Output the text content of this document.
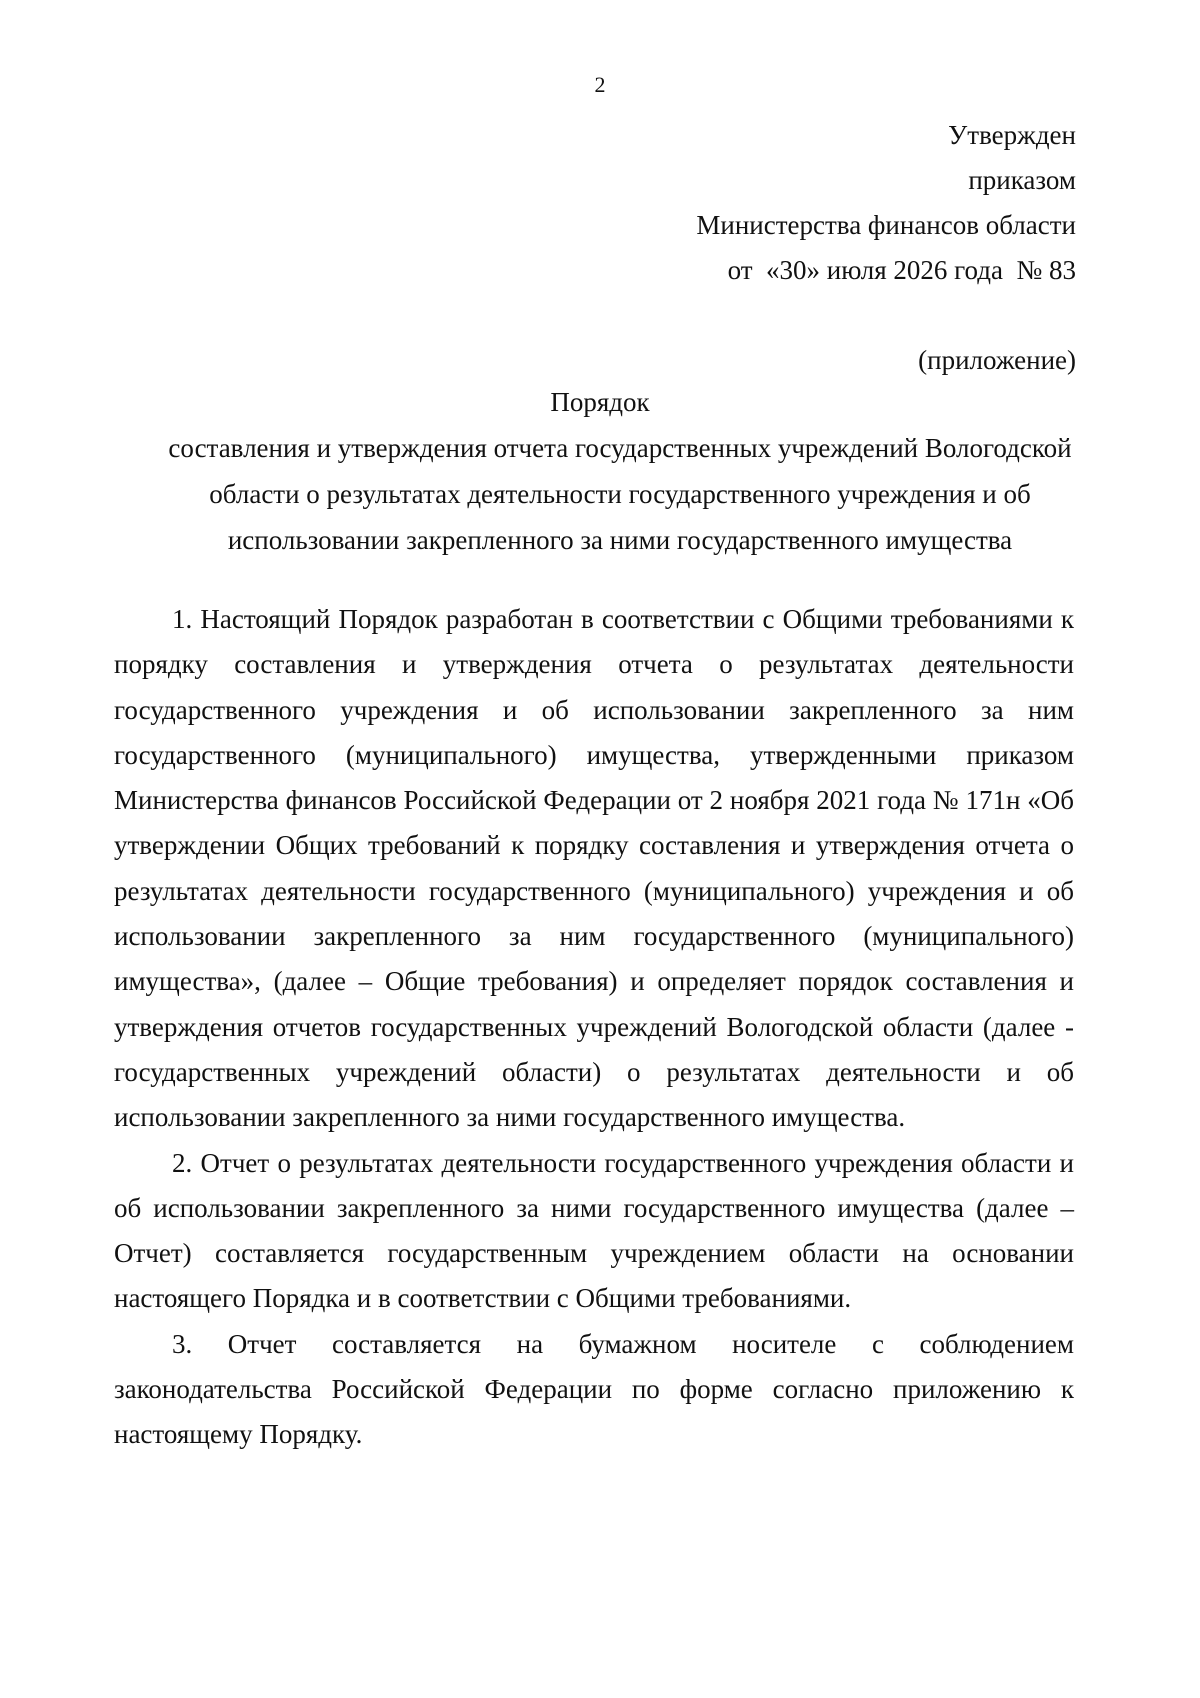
2
Утвержден
приказом
Министерства финансов области
от  «30» июля 2026 года  № 83
(приложение)
Порядок
составления и утверждения отчета государственных учреждений Вологодской
области о результатах деятельности государственного учреждения и об
использовании закрепленного за ними государственного имущества

1. Настоящий Порядок разработан в соответствии с Общими требованиями к порядку составления и утверждения отчета о результатах деятельности государственного учреждения и об использовании закрепленного за ним государственного (муниципального) имущества, утвержденными приказом Министерства финансов Российской Федерации от 2 ноября 2021 года № 171н «Об утверждении Общих требований к порядку составления и утверждения отчета о результатах деятельности государственного (муниципального) учреждения и об использовании закрепленного за ним государственного (муниципального) имущества», (далее – Общие требования) и определяет порядок составления и утверждения отчетов государственных учреждений Вологодской области (далее - государственных учреждений области) о результатах деятельности и об использовании закрепленного за ними государственного имущества.

2. Отчет о результатах деятельности государственного учреждения области и об использовании закрепленного за ними государственного имущества (далее – Отчет) составляется государственным учреждением области на основании настоящего Порядка и в соответствии с Общими требованиями.

3. Отчет составляется на бумажном носителе с соблюдением законодательства Российской Федерации по форме согласно приложению к настоящему Порядку.
